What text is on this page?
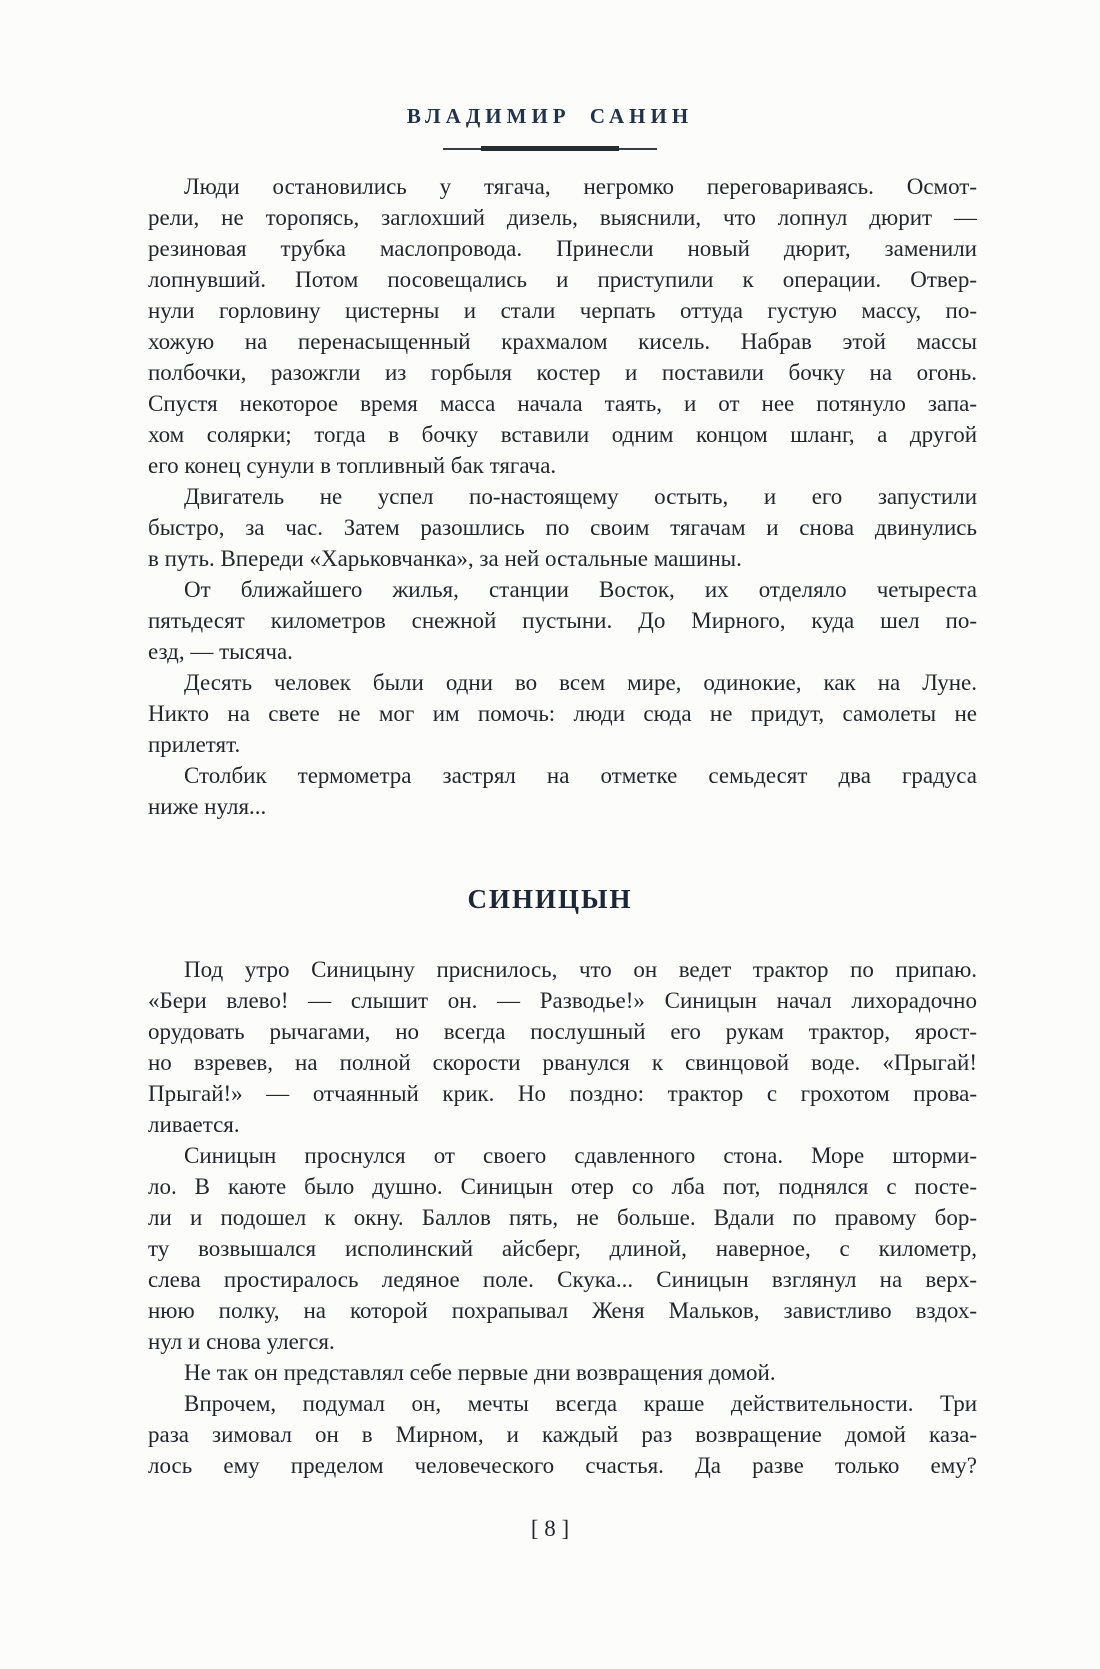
ВЛАДИМИР САНИН
Люди остановились у тягача, негромко переговариваясь. Осмот-
рели, не торопясь, заглохший дизель, выяснили, что лопнул дюрит —
резиновая трубка маслопровода. Принесли новый дюрит, заменили
лопнувший. Потом посовещались и приступили к операции. Отвер-
нули горловину цистерны и стали черпать оттуда густую массу, по-
хожую на перенасыщенный крахмалом кисель. Набрав этой массы
полбочки, разожгли из горбыля костер и поставили бочку на огонь.
Спустя некоторое время масса начала таять, и от нее потянуло запа-
хом солярки; тогда в бочку вставили одним концом шланг, а другой
его конец сунули в топливный бак тягача.
Двигатель не успел по-настоящему остыть, и его запустили
быстро, за час. Затем разошлись по своим тягачам и снова двинулись
в путь. Впереди «Харьковчанка», за ней остальные машины.
От ближайшего жилья, станции Восток, их отделяло четыреста
пятьдесят километров снежной пустыни. До Мирного, куда шел по-
езд, — тысяча.
Десять человек были одни во всем мире, одинокие, как на Луне.
Никто на свете не мог им помочь: люди сюда не придут, самолеты не
прилетят.
Столбик термометра застрял на отметке семьдесят два градуса
ниже нуля...
СИНИЦЫН
Под утро Синицыну приснилось, что он ведет трактор по припаю.
«Бери влево! — слышит он. — Разводье!» Синицын начал лихорадочно
орудовать рычагами, но всегда послушный его рукам трактор, ярост-
но взревев, на полной скорости рванулся к свинцовой воде. «Прыгай!
Прыгай!» — отчаянный крик. Но поздно: трактор с грохотом прова-
ливается.
Синицын проснулся от своего сдавленного стона. Море шторми-
ло. В каюте было душно. Синицын отер со лба пот, поднялся с посте-
ли и подошел к окну. Баллов пять, не больше. Вдали по правому бор-
ту возвышался исполинский айсберг, длиной, наверное, с километр,
слева простиралось ледяное поле. Скука... Синицын взглянул на верх-
нюю полку, на которой похрапывал Женя Мальков, завистливо вздох-
нул и снова улегся.
Не так он представлял себе первые дни возвращения домой.
Впрочем, подумал он, мечты всегда краше действительности. Три
раза зимовал он в Мирном, и каждый раз возвращение домой каза-
лось ему пределом человеческого счастья. Да разве только ему?
[ 8 ]
